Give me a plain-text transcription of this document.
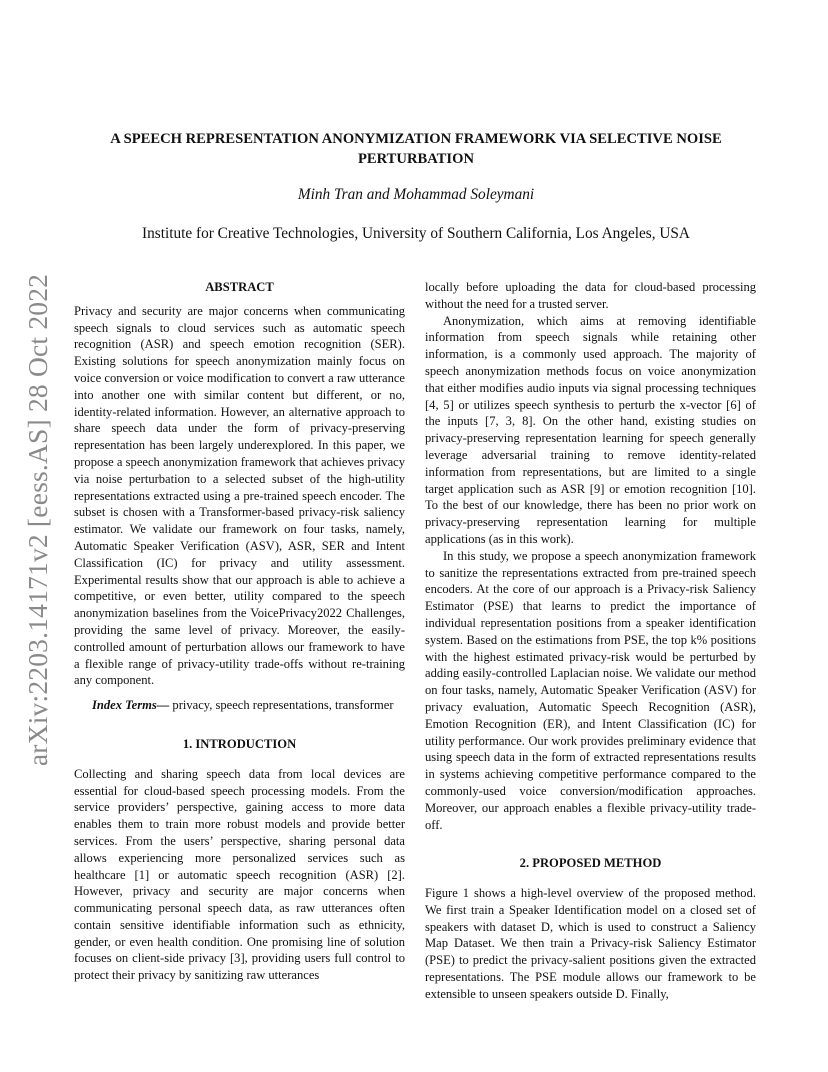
arXiv:2203.14171v2 [eess.AS] 28 Oct 2022
A SPEECH REPRESENTATION ANONYMIZATION FRAMEWORK VIA SELECTIVE NOISE
PERTURBATION
Minh Tran and Mohammad Soleymani
Institute for Creative Technologies, University of Southern California, Los Angeles, USA
ABSTRACT

Privacy and security are major concerns when communicating speech signals to cloud services such as automatic speech recognition (ASR) and speech emotion recognition (SER). Existing solutions for speech anonymization mainly focus on voice conversion or voice modification to convert a raw utterance into another one with similar content but different, or no, identity-related information. However, an alternative approach to share speech data under the form of privacy-preserving representation has been largely underexplored. In this paper, we propose a speech anonymization framework that achieves privacy via noise perturbation to a selected subset of the high-utility representations extracted using a pre-trained speech encoder. The subset is chosen with a Transformer-based privacy-risk saliency estimator. We validate our framework on four tasks, namely, Automatic Speaker Verification (ASV), ASR, SER and Intent Classification (IC) for privacy and utility assessment. Experimental results show that our approach is able to achieve a competitive, or even better, utility compared to the speech anonymization baselines from the VoicePrivacy2022 Challenges, providing the same level of privacy. Moreover, the easily-controlled amount of perturbation allows our framework to have a flexible range of privacy-utility trade-offs without re-training any component.

Index Terms— privacy, speech representations, transformer

1. INTRODUCTION

Collecting and sharing speech data from local devices are essential for cloud-based speech processing models. From the service providers’ perspective, gaining access to more data enables them to train more robust models and provide better services. From the users’ perspective, sharing personal data allows experiencing more personalized services such as healthcare [1] or automatic speech recognition (ASR) [2]. However, privacy and security are major concerns when communicating personal speech data, as raw utterances often contain sensitive identifiable information such as ethnicity, gender, or even health condition. One promising line of solution focuses on client-side privacy [3], providing users full control to protect their privacy by sanitizing raw utterances

locally before uploading the data for cloud-based processing without the need for a trusted server.

Anonymization, which aims at removing identifiable information from speech signals while retaining other information, is a commonly used approach. The majority of speech anonymization methods focus on voice anonymization that either modifies audio inputs via signal processing techniques [4, 5] or utilizes speech synthesis to perturb the x-vector [6] of the inputs [7, 3, 8]. On the other hand, existing studies on privacy-preserving representation learning for speech generally leverage adversarial training to remove identity-related information from representations, but are limited to a single target application such as ASR [9] or emotion recognition [10]. To the best of our knowledge, there has been no prior work on privacy-preserving representation learning for multiple applications (as in this work).

In this study, we propose a speech anonymization framework to sanitize the representations extracted from pre-trained speech encoders. At the core of our approach is a Privacy-risk Saliency Estimator (PSE) that learns to predict the importance of individual representation positions from a speaker identification system. Based on the estimations from PSE, the top k% positions with the highest estimated privacy-risk would be perturbed by adding easily-controlled Laplacian noise. We validate our method on four tasks, namely, Automatic Speaker Verification (ASV) for privacy evaluation, Automatic Speech Recognition (ASR), Emotion Recognition (ER), and Intent Classification (IC) for utility performance. Our work provides preliminary evidence that using speech data in the form of extracted representations results in systems achieving competitive performance compared to the commonly-used voice conversion/modification approaches. Moreover, our approach enables a flexible privacy-utility trade-off.

2. PROPOSED METHOD

Figure 1 shows a high-level overview of the proposed method. We first train a Speaker Identification model on a closed set of speakers with dataset D, which is used to construct a Saliency Map Dataset. We then train a Privacy-risk Saliency Estimator (PSE) to predict the privacy-salient positions given the extracted representations. The PSE module allows our framework to be extensible to unseen speakers outside D. Finally,
